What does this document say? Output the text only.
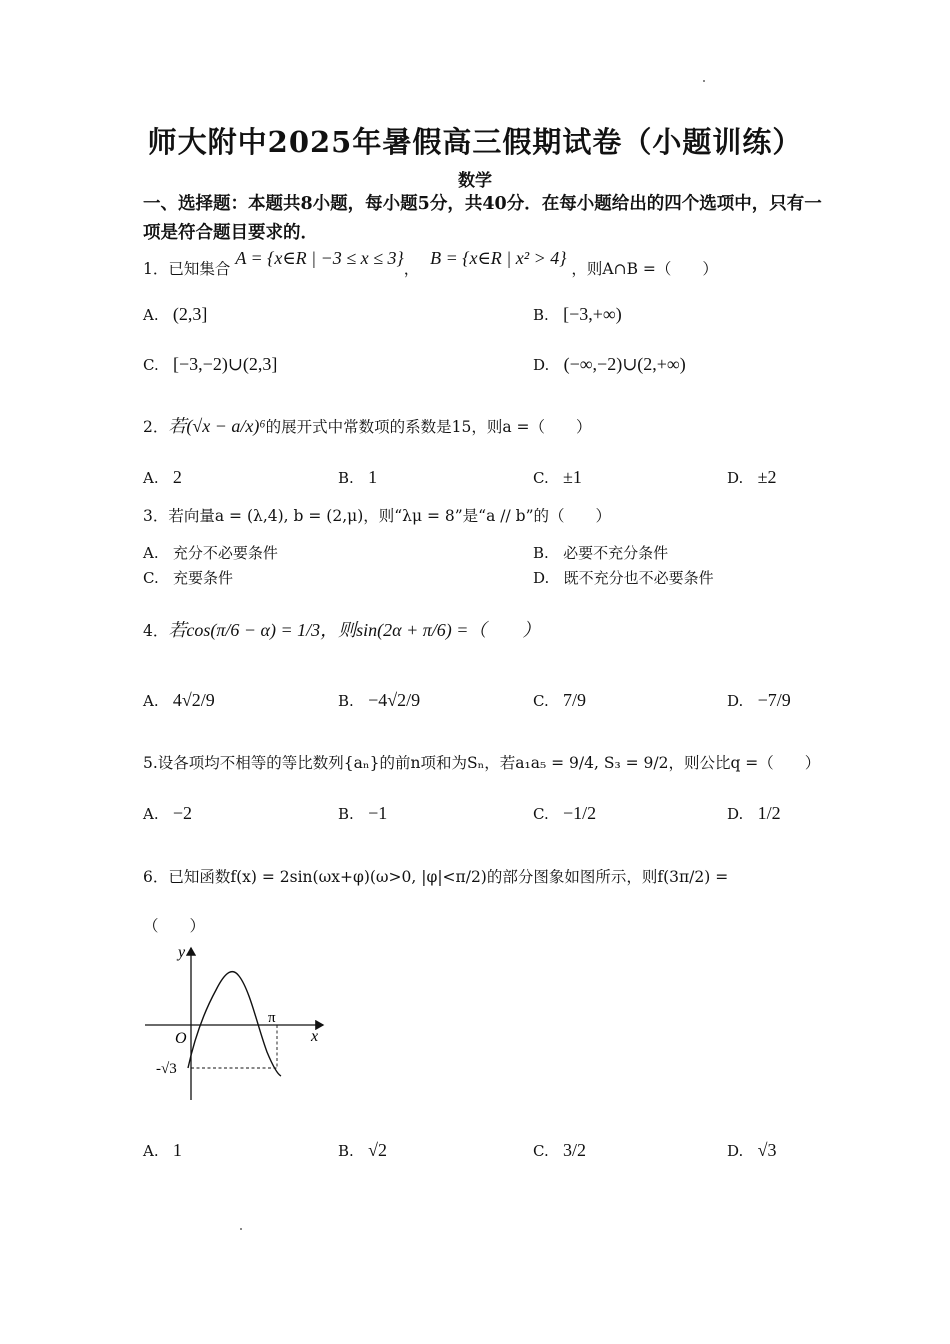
师大附中2025年暑假高三假期试卷（小题训练）
数学
一、选择题：本题共8小题，每小题5分，共40分．在每小题给出的四个选项中，只有一项是符合题目要求的．
1．已知集合 A = {x∈R | −3 ≤ x ≤ 3}， B = {x∈R | x² > 4} ，则A∩B =（　　）
A.   (2,3]	B.   [−3,+∞)
C.   [−3,−2)∪(2,3]	D.   (−∞,−2)∪(2,+∞)
2．若(√x − a/x)⁶的展开式中常数项的系数是15，则a =（　　）
A.   2	B.   1	C.   ±1	D.   ±2
3．若向量a = (λ,4), b = (2,μ)，则“λμ = 8”是“a // b”的（　　）
A.   充分不必要条件	B.   必要不充分条件
C.   充要条件	D.   既不充分也不必要条件
4．若cos(π/6 − α) = 1/3，则sin(2α + π/6) =（　　）
A.   4√2/9	B.   −4√2/9	C.   7/9	D.   −7/9
5.设各项均不相等的等比数列{aₙ}的前n项和为Sₙ，若a₁a₅ = 9/4, S₃ = 9/2，则公比q =（　　）
A.   −2	B.   −1	C.   −1/2	D.   1/2
6．已知函数f(x) = 2sin(ωx+φ)(ω>0, |φ|<π/2)的部分图象如图所示，则f(3π/2) =
（　　）
y
x
O
π
-√3
A.   1	B.   √2	C.   3/2	D.   √3
